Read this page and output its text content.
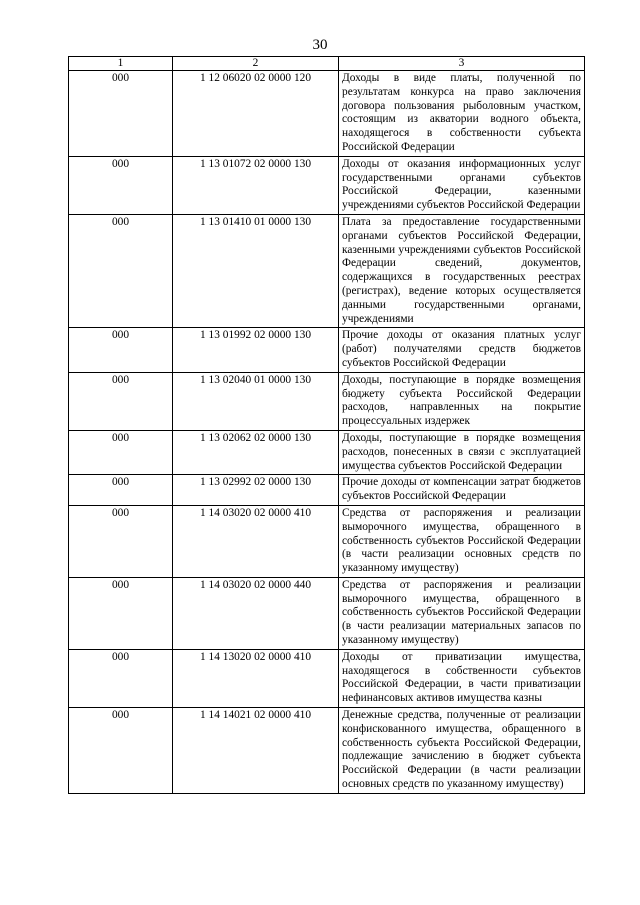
30
1	2	3
000	1 12 06020 02 0000 120	Доходы в виде платы, полученной по результатам конкурса на право заключения договора пользования рыболовным участком, состоящим из акватории водного объекта, находящегося в собственности субъекта Российской Федерации
000	1 13 01072 02 0000 130	Доходы от оказания информационных услуг государственными органами субъектов Российской Федерации, казенными учреждениями субъектов Российской Федерации
000	1 13 01410 01 0000 130	Плата за предоставление государственными органами субъектов Российской Федерации, казенными учреждениями субъектов Российской Федерации сведений, документов, содержащихся в государственных реестрах (регистрах), ведение которых осуществляется данными государственными органами, учреждениями
000	1 13 01992 02 0000 130	Прочие доходы от оказания платных услуг (работ) получателями средств бюджетов субъектов Российской Федерации
000	1 13 02040 01 0000 130	Доходы, поступающие в порядке возмещения бюджету субъекта Российской Федерации расходов, направленных на покрытие процессуальных издержек
000	1 13 02062 02 0000 130	Доходы, поступающие в порядке возмещения расходов, понесенных в связи с эксплуатацией имущества субъектов Российской Федерации
000	1 13 02992 02 0000 130	Прочие доходы от компенсации затрат бюджетов субъектов Российской Федерации
000	1 14 03020 02 0000 410	Средства от распоряжения и реализации выморочного имущества, обращенного в собственность субъектов Российской Федерации (в части реализации основных средств по указанному имуществу)
000	1 14 03020 02 0000 440	Средства от распоряжения и реализации выморочного имущества, обращенного в собственность субъектов Российской Федерации (в части реализации материальных запасов по указанному имуществу)
000	1 14 13020 02 0000 410	Доходы от приватизации имущества, находящегося в собственности субъектов Российской Федерации, в части приватизации нефинансовых активов имущества казны
000	1 14 14021 02 0000 410	Денежные средства, полученные от реализации конфискованного имущества, обращенного в собственность субъекта Российской Федерации, подлежащие зачислению в бюджет субъекта Российской Федерации (в части реализации основных средств по указанному имуществу)
